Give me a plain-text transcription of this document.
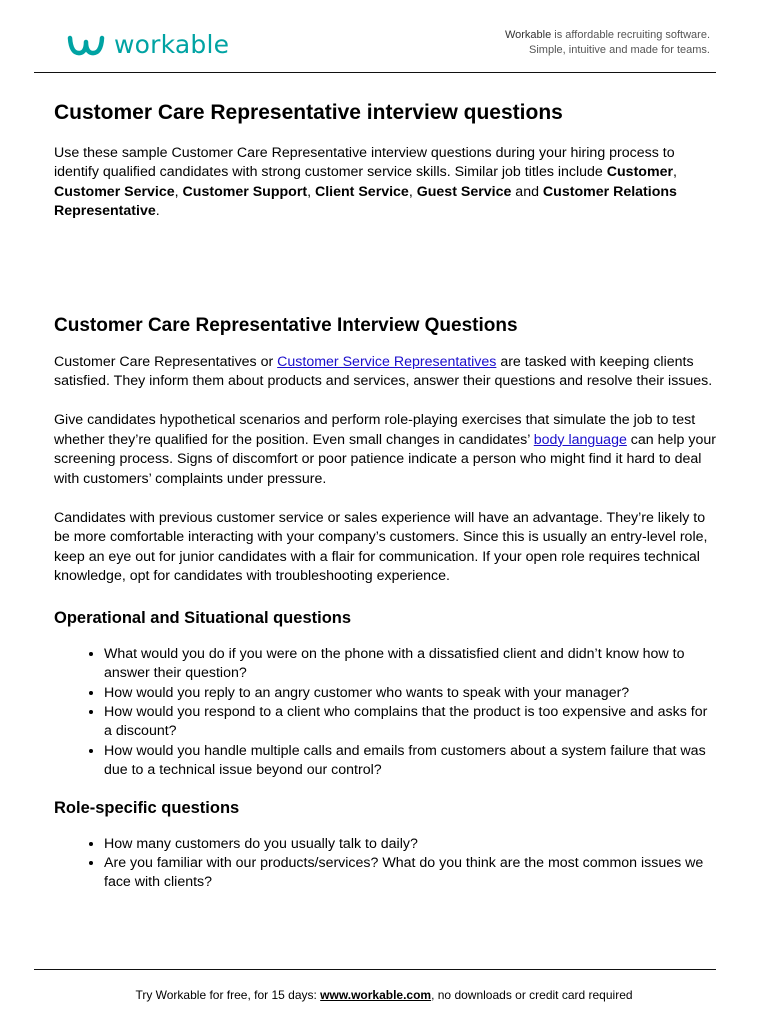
workable	Workable is affordable recruiting software.
Simple, intuitive and made for teams.
Customer Care Representative interview questions

Use these sample Customer Care Representative interview questions during your hiring process to identify qualified candidates with strong customer service skills. Similar job titles include Customer, Customer Service, Customer Support, Client Service, Guest Service and Customer Relations Representative.

Customer Care Representative Interview Questions

Customer Care Representatives or Customer Service Representatives are tasked with keeping clients satisfied. They inform them about products and services, answer their questions and resolve their issues.

Give candidates hypothetical scenarios and perform role-playing exercises that simulate the job to test whether they’re qualified for the position. Even small changes in candidates’ body language can help your screening process. Signs of discomfort or poor patience indicate a person who might find it hard to deal with customers’ complaints under pressure.

Candidates with previous customer service or sales experience will have an advantage. They’re likely to be more comfortable interacting with your company’s customers. Since this is usually an entry-level role, keep an eye out for junior candidates with a flair for communication. If your open role requires technical knowledge, opt for candidates with troubleshooting experience.

Operational and Situational questions
• What would you do if you were on the phone with a dissatisfied client and didn’t know how to answer their question?
• How would you reply to an angry customer who wants to speak with your manager?
• How would you respond to a client who complains that the product is too expensive and asks for a discount?
• How would you handle multiple calls and emails from customers about a system failure that was due to a technical issue beyond our control?
Role-specific questions
• How many customers do you usually talk to daily?
• Are you familiar with our products/services? What do you think are the most common issues we face with clients?
Try Workable for free, for 15 days: www.workable.com, no downloads or credit card required
